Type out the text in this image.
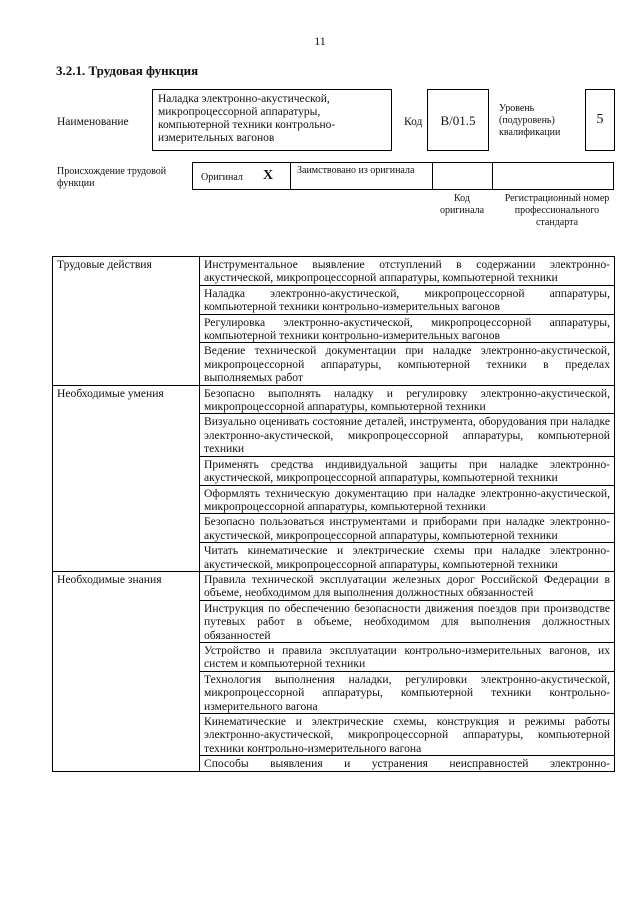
11
3.2.1. Трудовая функция
Наименование
Наладка электронно-акустической, микропроцессорной аппаратуры, компьютерной техники контрольно-измерительных вагонов
Код	B/01.5
Уровень (подуровень) квалификации
5
Происхождение трудовой функции
Оригинал X Заимствовано из оригинала
Код оригинала
Регистрационный номер профессионального стандарта
Трудовые действия	Инструментальное выявление отступлений в содержании электронно-акустической, микропроцессорной аппаратуры, компьютерной техники
	Наладка электронно-акустической, микропроцессорной аппаратуры, компьютерной техники контрольно-измерительных вагонов
	Регулировка электронно-акустической, микропроцессорной аппаратуры, компьютерной техники контрольно-измерительных вагонов
	Ведение технической документации при наладке электронно-акустической, микропроцессорной аппаратуры, компьютерной техники в пределах выполняемых работ
Необходимые умения	Безопасно выполнять наладку и регулировку электронно-акустической, микропроцессорной аппаратуры, компьютерной техники
	Визуально оценивать состояние деталей, инструмента, оборудования при наладке электронно-акустической, микропроцессорной аппаратуры, компьютерной техники
	Применять средства индивидуальной защиты при наладке электронно-акустической, микропроцессорной аппаратуры, компьютерной техники
	Оформлять техническую документацию при наладке электронно-акустической, микропроцессорной аппаратуры, компьютерной техники
	Безопасно пользоваться инструментами и приборами при наладке электронно-акустической, микропроцессорной аппаратуры, компьютерной техники
	Читать кинематические и электрические схемы при наладке электронно-акустической, микропроцессорной аппаратуры, компьютерной техники
Необходимые знания	Правила технической эксплуатации железных дорог Российской Федерации в объеме, необходимом для выполнения должностных обязанностей
	Инструкция по обеспечению безопасности движения поездов при производстве путевых работ в объеме, необходимом для выполнения должностных обязанностей
	Устройство и правила эксплуатации контрольно-измерительных вагонов, их систем и компьютерной техники
	Технология выполнения наладки, регулировки электронно-акустической, микропроцессорной аппаратуры, компьютерной техники контрольно-измерительного вагона
	Кинематические и электрические схемы, конструкция и режимы работы электронно-акустической, микропроцессорной аппаратуры, компьютерной техники контрольно-измерительного вагона
	Способы выявления и устранения неисправностей электронно-
